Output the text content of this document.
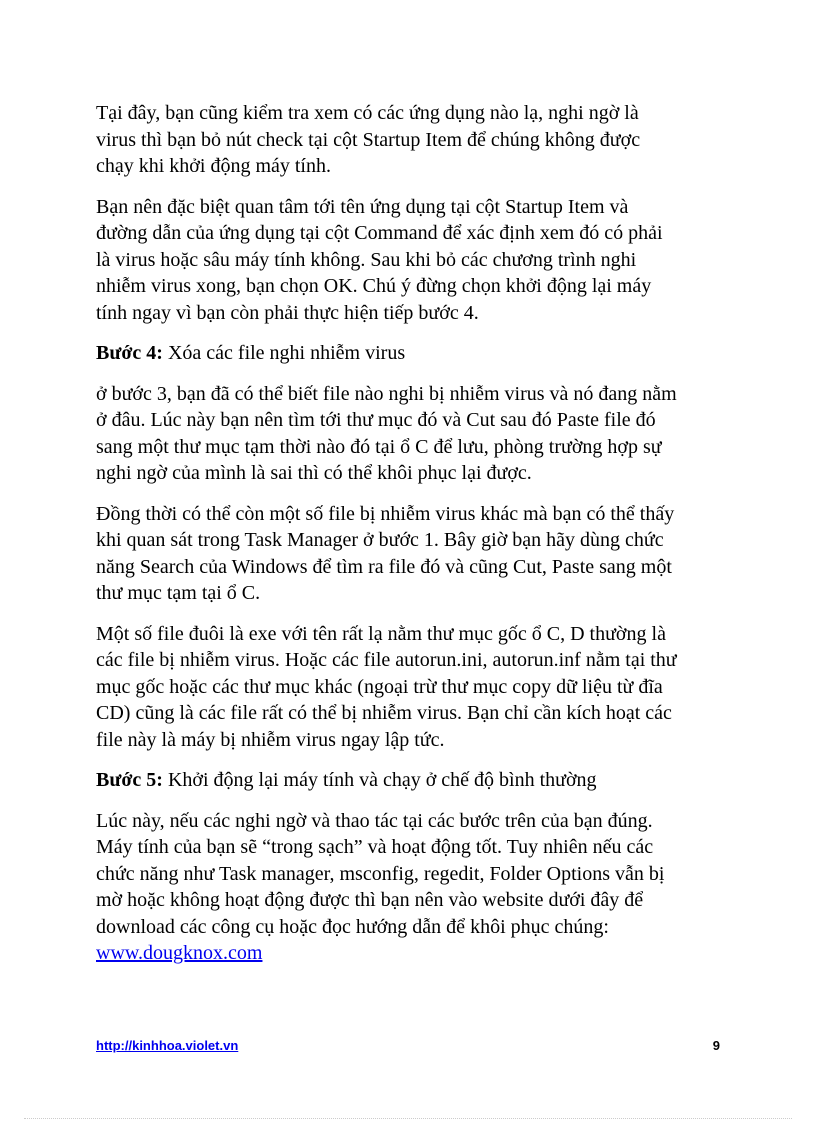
Tại đây, bạn cũng kiểm tra xem có các ứng dụng nào lạ, nghi ngờ là
virus thì bạn bỏ nút check tại cột Startup Item để chúng không được
chạy khi khởi động máy tính.

Bạn nên đặc biệt quan tâm tới tên ứng dụng tại cột Startup Item và
đường dẫn của ứng dụng tại cột Command để xác định xem đó có phải
là virus hoặc sâu máy tính không. Sau khi bỏ các chương trình nghi
nhiễm virus xong, bạn chọn OK. Chú ý đừng chọn khởi động lại máy
tính ngay vì bạn còn phải thực hiện tiếp bước 4.

Bước 4: Xóa các file nghi nhiễm virus

ở bước 3, bạn đã có thể biết file nào nghi bị nhiễm virus và nó đang nằm
ở đâu. Lúc này bạn nên tìm tới thư mục đó và Cut sau đó Paste file đó
sang một thư mục tạm thời nào đó tại ổ C để lưu, phòng trường hợp sự
nghi ngờ của mình là sai thì có thể khôi phục lại được.

Đồng thời có thể còn một số file bị nhiễm virus khác mà bạn có thể thấy
khi quan sát trong Task Manager ở bước 1. Bây giờ bạn hãy dùng chức
năng Search của Windows để tìm ra file đó và cũng Cut, Paste sang một
thư mục tạm tại ổ C.

Một số file đuôi là exe với tên rất lạ nằm thư mục gốc ổ C, D thường là
các file bị nhiễm virus. Hoặc các file autorun.ini, autorun.inf nằm tại thư
mục gốc hoặc các thư mục khác (ngoại trừ thư mục copy dữ liệu từ đĩa
CD) cũng là các file rất có thể bị nhiễm virus. Bạn chỉ cần kích hoạt các
file này là máy bị nhiễm virus ngay lập tức.

Bước 5: Khởi động lại máy tính và chạy ở chế độ bình thường

Lúc này, nếu các nghi ngờ và thao tác tại các bước trên của bạn đúng.
Máy tính của bạn sẽ “trong sạch” và hoạt động tốt. Tuy nhiên nếu các
chức năng như Task manager, msconfig, regedit, Folder Options vẫn bị
mờ hoặc không hoạt động được thì bạn nên vào website dưới đây để
download các công cụ hoặc đọc hướng dẫn để khôi phục chúng:
www.dougknox.com

http://kinhhoa.violet.vn	9
